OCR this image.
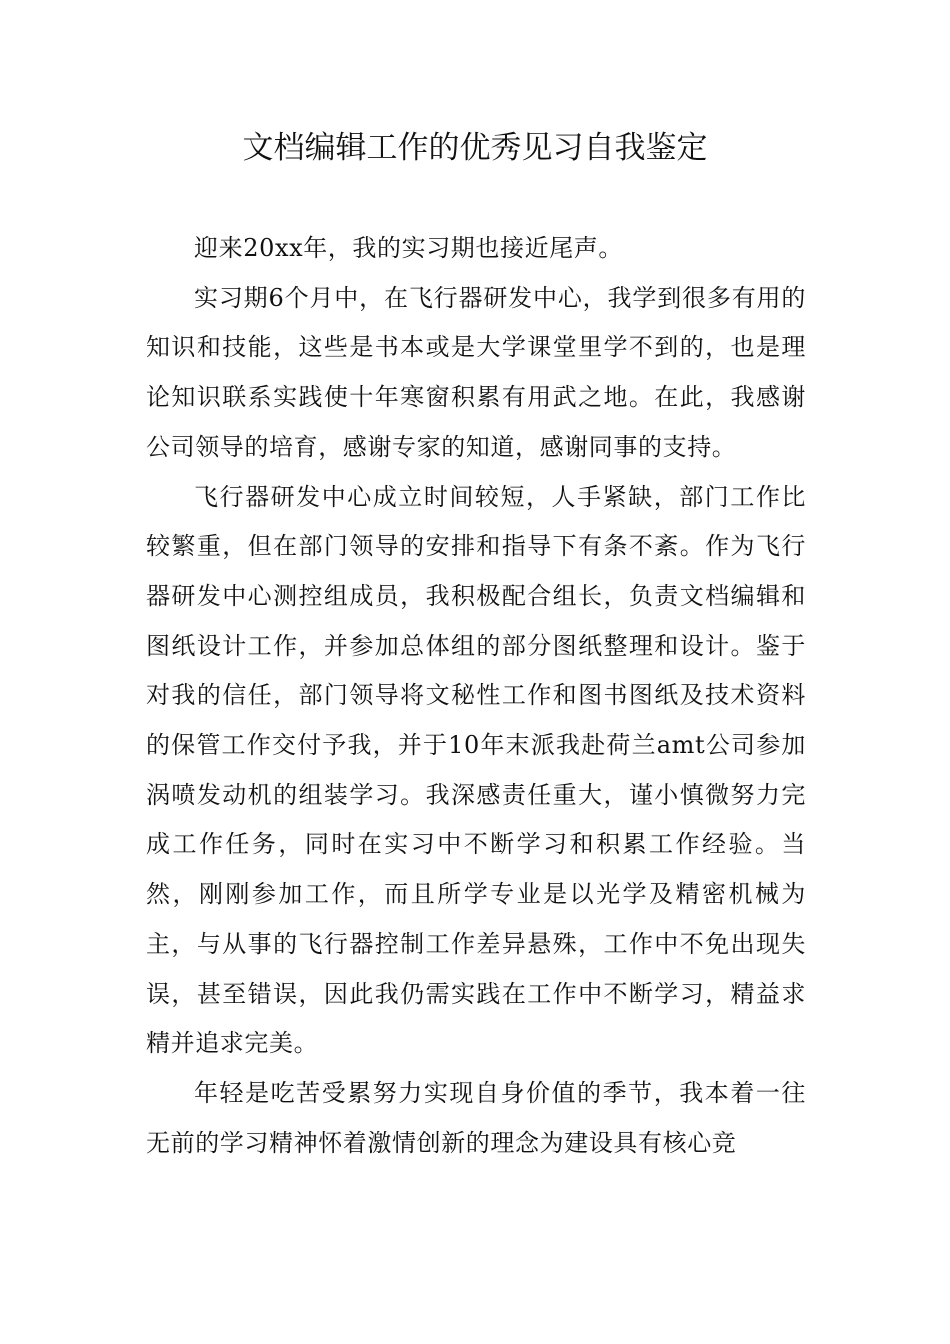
文档编辑工作的优秀见习自我鉴定

迎来20xx年，我的实习期也接近尾声。

实习期6个月中，在飞行器研发中心，我学到很多有用的知识和技能，这些是书本或是大学课堂里学不到的，也是理论知识联系实践使十年寒窗积累有用武之地。在此，我感谢公司领导的培育，感谢专家的知道，感谢同事的支持。

飞行器研发中心成立时间较短，人手紧缺，部门工作比较繁重，但在部门领导的安排和指导下有条不紊。作为飞行器研发中心测控组成员，我积极配合组长，负责文档编辑和图纸设计工作，并参加总体组的部分图纸整理和设计。鉴于对我的信任，部门领导将文秘性工作和图书图纸及技术资料的保管工作交付予我，并于10年末派我赴荷兰amt公司参加涡喷发动机的组装学习。我深感责任重大，谨小慎微努力完成工作任务，同时在实习中不断学习和积累工作经验。当然，刚刚参加工作，而且所学专业是以光学及精密机械为主，与从事的飞行器控制工作差异悬殊，工作中不免出现失误，甚至错误，因此我仍需实践在工作中不断学习，精益求精并追求完美。

年轻是吃苦受累努力实现自身价值的季节，我本着一往无前的学习精神怀着激情创新的理念为建设具有核心竞
